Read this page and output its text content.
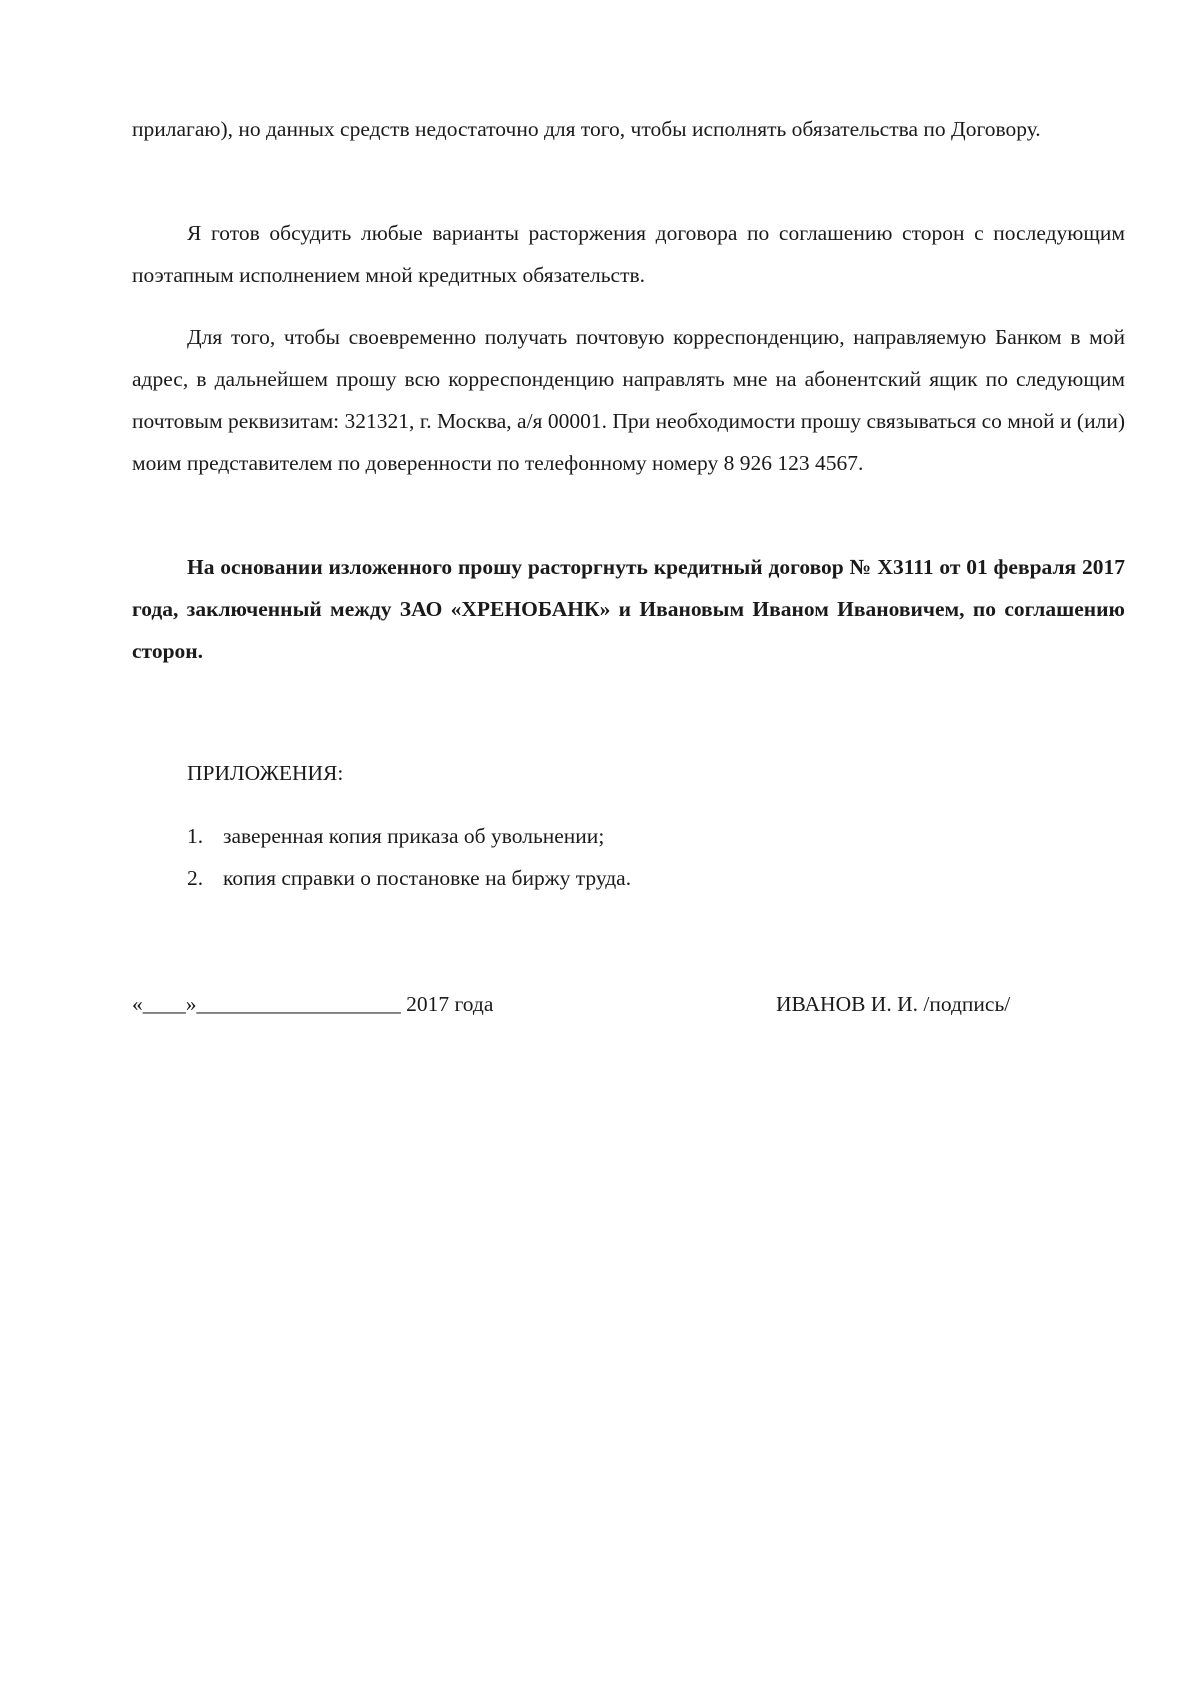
прилагаю), но данных средств недостаточно для того, чтобы исполнять обязательства по Договору.

Я готов обсудить любые варианты расторжения договора по соглашению сторон с последующим поэтапным исполнением мной кредитных обязательств.

Для того, чтобы своевременно получать почтовую корреспонденцию, направляемую Банком в мой адрес, в дальнейшем прошу всю корреспонденцию направлять мне на абонентский ящик по следующим почтовым реквизитам: 321321, г. Москва, а/я 00001. При необходимости прошу связываться со мной и (или) моим представителем по доверенности по телефонному номеру 8 926 123 4567.

На основании изложенного прошу расторгнуть кредитный договор № Х3111 от 01 февраля 2017 года, заключенный между ЗАО «ХРЕНОБАНК» и Ивановым Иваном Ивановичем, по соглашению сторон.

ПРИЛОЖЕНИЯ:

1. заверенная копия приказа об увольнении;
2. копия справки о постановке на биржу труда.

«____»___________________ 2017 года	ИВАНОВ И. И. /подпись/
